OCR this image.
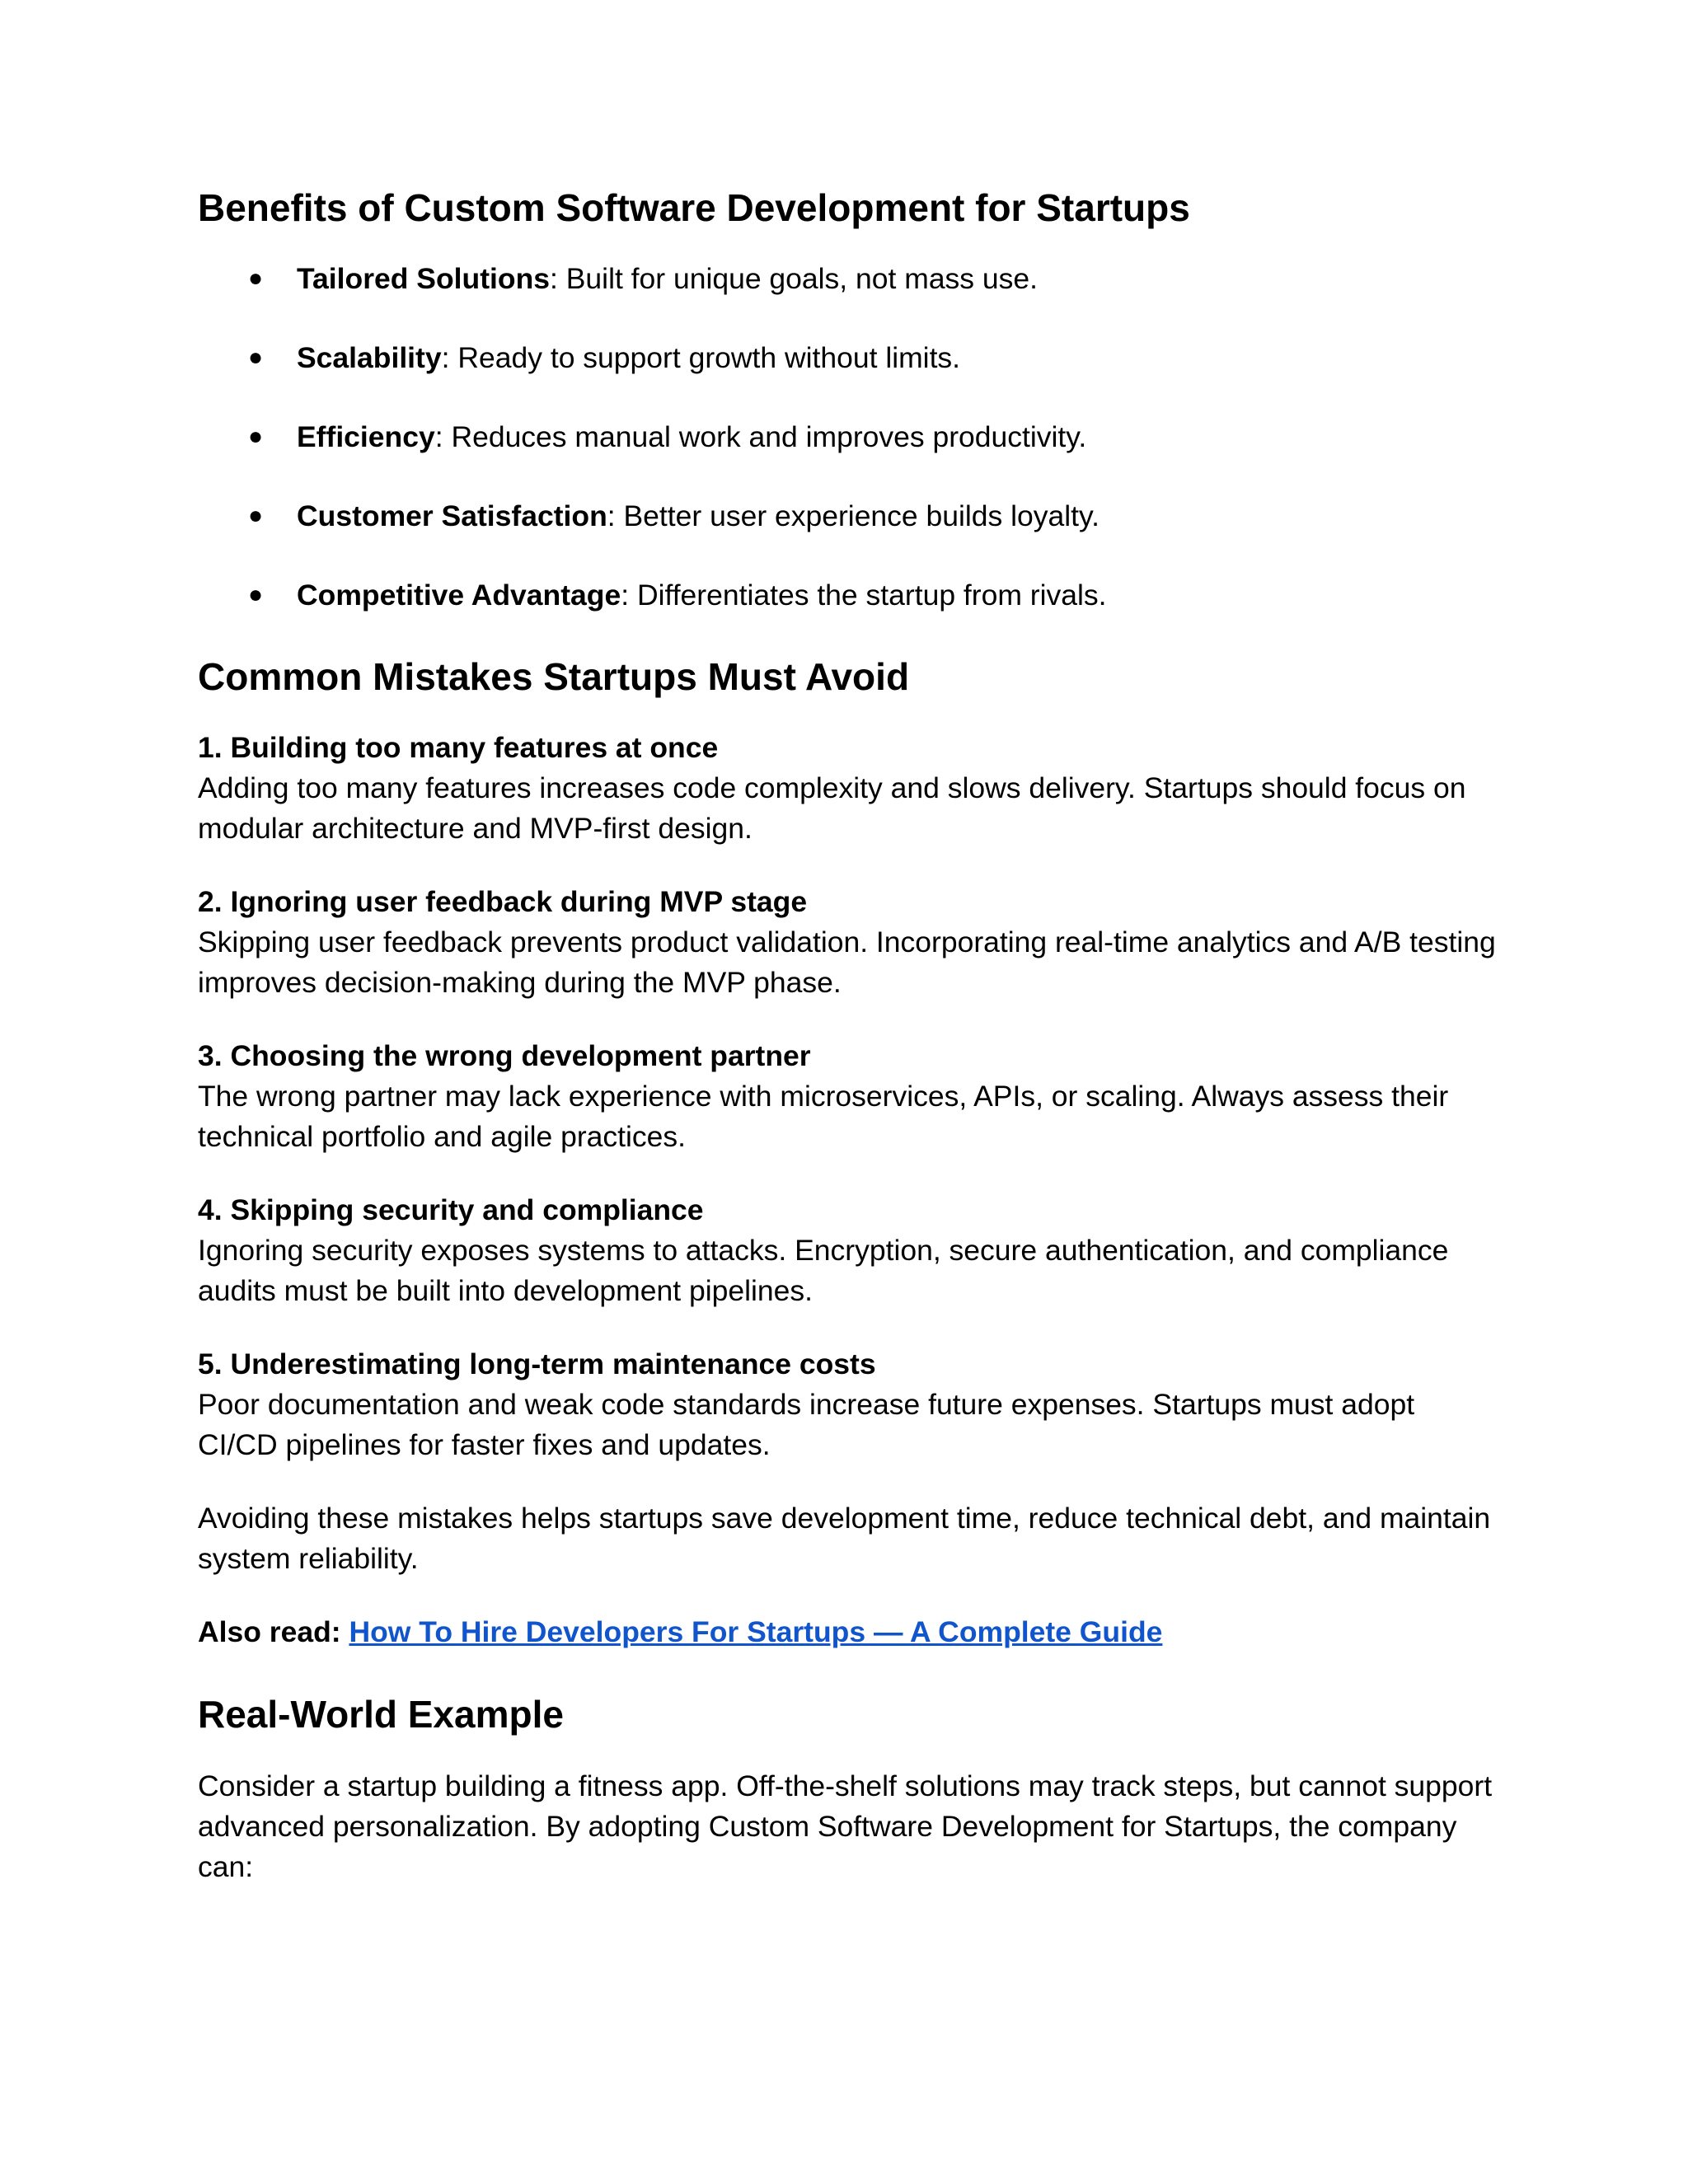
Benefits of Custom Software Development for Startups
● Tailored Solutions: Built for unique goals, not mass use.
● Scalability: Ready to support growth without limits.
● Efficiency: Reduces manual work and improves productivity.
● Customer Satisfaction: Better user experience builds loyalty.
● Competitive Advantage: Differentiates the startup from rivals.
Common Mistakes Startups Must Avoid
1. Building too many features at once
Adding too many features increases code complexity and slows delivery. Startups should focus on modular architecture and MVP-first design.
2. Ignoring user feedback during MVP stage
Skipping user feedback prevents product validation. Incorporating real-time analytics and A/B testing improves decision-making during the MVP phase.
3. Choosing the wrong development partner
The wrong partner may lack experience with microservices, APIs, or scaling. Always assess their technical portfolio and agile practices.
4. Skipping security and compliance
Ignoring security exposes systems to attacks. Encryption, secure authentication, and compliance audits must be built into development pipelines.
5. Underestimating long-term maintenance costs
Poor documentation and weak code standards increase future expenses. Startups must adopt CI/CD pipelines for faster fixes and updates.

Avoiding these mistakes helps startups save development time, reduce technical debt, and maintain system reliability.

Also read: How To Hire Developers For Startups — A Complete Guide

Real-World Example

Consider a startup building a fitness app. Off-the-shelf solutions may track steps, but cannot support advanced personalization. By adopting Custom Software Development for Startups, the company can:
